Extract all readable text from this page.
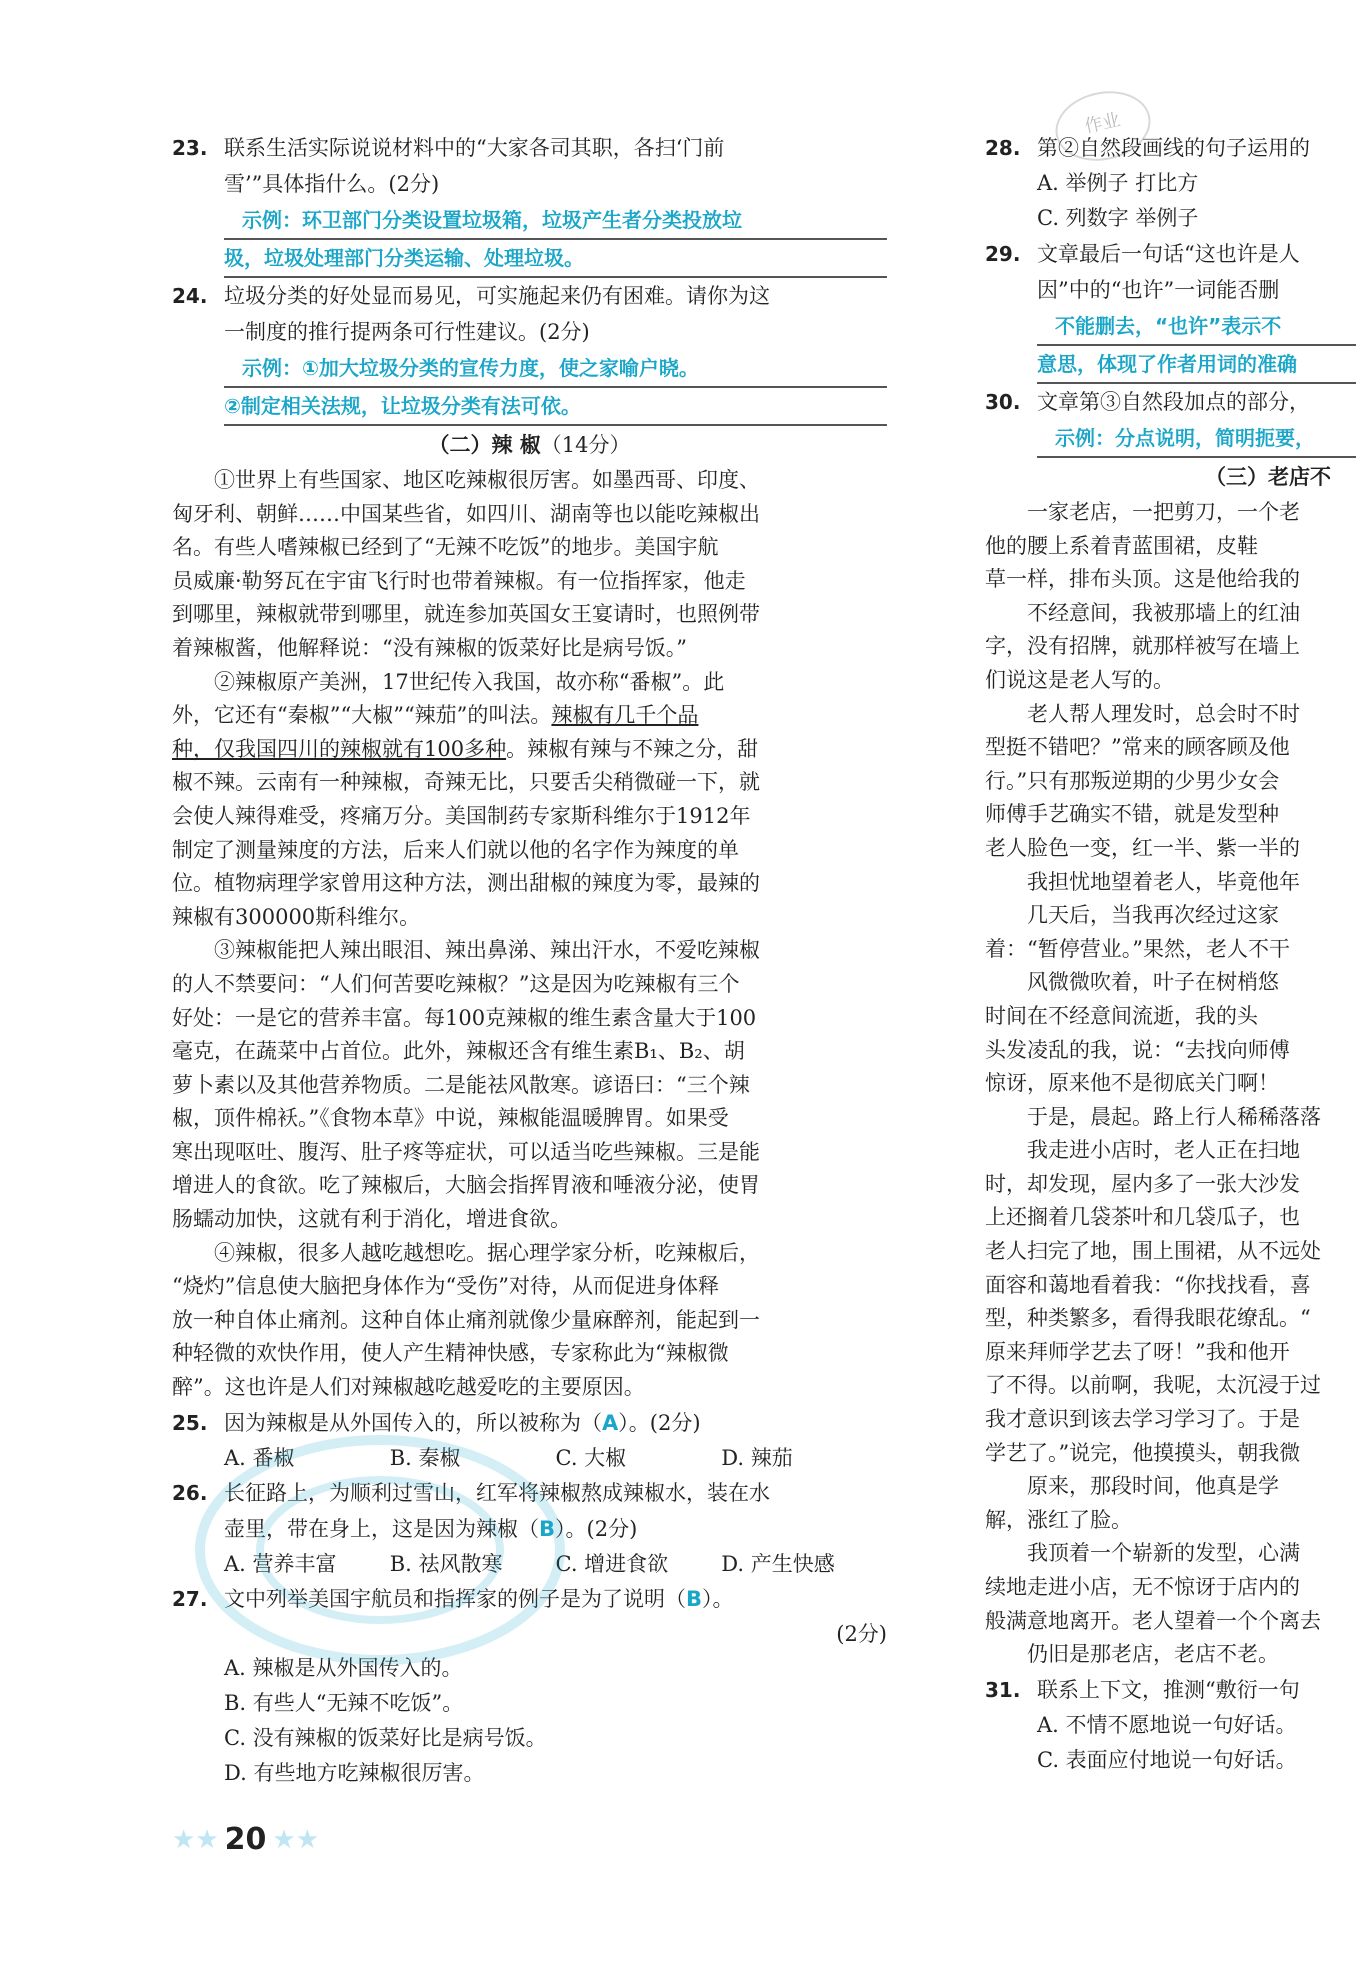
作业
23. 联系生活实际说说材料中的“大家各司其职，各扫‘门前
雪’”具体指什么。(2分)
示例：环卫部门分类设置垃圾箱，垃圾产生者分类投放垃
圾，垃圾处理部门分类运输、处理垃圾。
24. 垃圾分类的好处显而易见，可实施起来仍有困难。请你为这
一制度的推行提两条可行性建议。(2分)
示例：①加大垃圾分类的宣传力度，使之家喻户晓。
②制定相关法规，让垃圾分类有法可依。
（二）辣 椒（14分）

①世界上有些国家、地区吃辣椒很厉害。如墨西哥、印度、

匈牙利、朝鲜……中国某些省，如四川、湖南等也以能吃辣椒出

名。有些人嗜辣椒已经到了“无辣不吃饭”的地步。美国宇航

员威廉·勒努瓦在宇宙飞行时也带着辣椒。有一位指挥家，他走

到哪里，辣椒就带到哪里，就连参加英国女王宴请时，也照例带

着辣椒酱，他解释说：“没有辣椒的饭菜好比是病号饭。”

②辣椒原产美洲，17世纪传入我国，故亦称“番椒”。此

外，它还有“秦椒”“大椒”“辣茄”的叫法。辣椒有几千个品

种，仅我国四川的辣椒就有100多种。辣椒有辣与不辣之分，甜

椒不辣。云南有一种辣椒，奇辣无比，只要舌尖稍微碰一下，就

会使人辣得难受，疼痛万分。美国制药专家斯科维尔于1912年

制定了测量辣度的方法，后来人们就以他的名字作为辣度的单

位。植物病理学家曾用这种方法，测出甜椒的辣度为零，最辣的

辣椒有300000斯科维尔。

③辣椒能把人辣出眼泪、辣出鼻涕、辣出汗水，不爱吃辣椒

的人不禁要问：“人们何苦要吃辣椒？”这是因为吃辣椒有三个

好处：一是它的营养丰富。每100克辣椒的维生素含量大于100

毫克，在蔬菜中占首位。此外，辣椒还含有维生素B₁、B₂、胡

萝卜素以及其他营养物质。二是能祛风散寒。谚语曰：“三个辣

椒，顶件棉袄。”《食物本草》中说，辣椒能温暖脾胃。如果受

寒出现呕吐、腹泻、肚子疼等症状，可以适当吃些辣椒。三是能

增进人的食欲。吃了辣椒后，大脑会指挥胃液和唾液分泌，使胃

肠蠕动加快，这就有利于消化，增进食欲。

④辣椒，很多人越吃越想吃。据心理学家分析，吃辣椒后，

“烧灼”信息使大脑把身体作为“受伤”对待，从而促进身体释

放一种自体止痛剂。这种自体止痛剂就像少量麻醉剂，能起到一

种轻微的欢快作用，使人产生精神快感，专家称此为“辣椒微

醉”。这也许是人们对辣椒越吃越爱吃的主要原因。

25. 因为辣椒是从外国传入的，所以被称为（A）。(2分)
A. 番椒	B. 秦椒	C. 大椒	D. 辣茄
26. 长征路上，为顺利过雪山，红军将辣椒熬成辣椒水，装在水
壶里，带在身上，这是因为辣椒（B）。(2分)
A. 营养丰富	B. 祛风散寒	C. 增进食欲	D. 产生快感
27. 文中列举美国宇航员和指挥家的例子是为了说明（B）。
(2分)
A. 辣椒是从外国传入的。
B. 有些人“无辣不吃饭”。
C. 没有辣椒的饭菜好比是病号饭。
D. 有些地方吃辣椒很厉害。
28. 第②自然段画线的句子运用的
A. 举例子 打比方
C. 列数字 举例子
29. 文章最后一句话“这也许是人
因”中的“也许”一词能否删
不能删去，“也许”表示不
意思，体现了作者用词的准确
30. 文章第③自然段加点的部分，
示例：分点说明，简明扼要，
（三）老店不

一家老店，一把剪刀，一个老

他的腰上系着青蓝围裙，皮鞋

草一样，排布头顶。这是他给我的

不经意间，我被那墙上的红油

字，没有招牌，就那样被写在墙上

们说这是老人写的。

老人帮人理发时，总会时不时

型挺不错吧？”常来的顾客顾及他

行。”只有那叛逆期的少男少女会

师傅手艺确实不错，就是发型种

老人脸色一变，红一半、紫一半的

我担忧地望着老人，毕竟他年

几天后，当我再次经过这家

着：“暂停营业。”果然，老人不干

风微微吹着，叶子在树梢悠

时间在不经意间流逝，我的头

头发凌乱的我，说：“去找向师傅

惊讶，原来他不是彻底关门啊！

于是，晨起。路上行人稀稀落落

我走进小店时，老人正在扫地

时，却发现，屋内多了一张大沙发

上还搁着几袋茶叶和几袋瓜子，也

老人扫完了地，围上围裙，从不远处

面容和蔼地看着我：“你找找看，喜

型，种类繁多，看得我眼花缭乱。“

原来拜师学艺去了呀！”我和他开

了不得。以前啊，我呢，太沉浸于过

我才意识到该去学习学习了。于是

学艺了。”说完，他摸摸头，朝我微

原来，那段时间，他真是学

解，涨红了脸。

我顶着一个崭新的发型，心满

续地走进小店，无不惊讶于店内的

般满意地离开。老人望着一个个离去

仍旧是那老店，老店不老。

31. 联系上下文，推测“敷衍一句
A. 不情不愿地说一句好话。
C. 表面应付地说一句好话。
★ ★ 20 ★ ★
